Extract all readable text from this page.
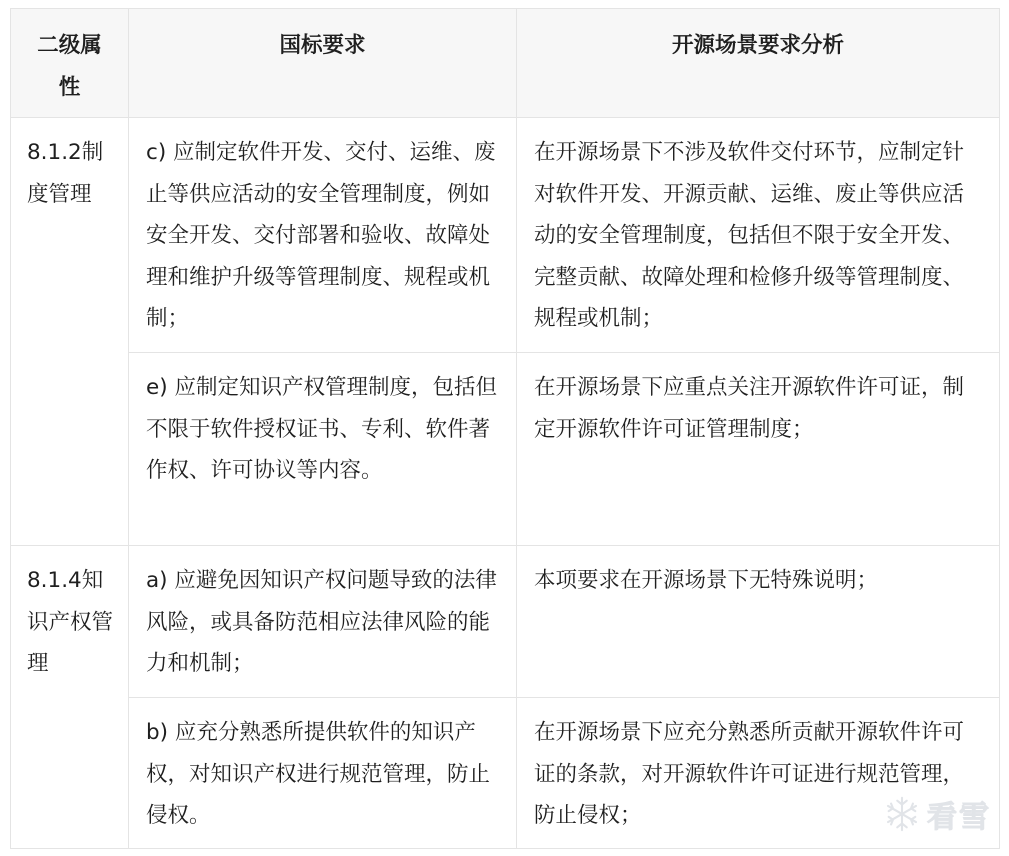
二级属性	国标要求	开源场景要求分析
8.1.2制度管理	c) 应制定软件开发、交付、运维、废止等供应活动的安全管理制度，例如安全开发、交付部署和验收、故障处理和维护升级等管理制度、规程或机制；	在开源场景下不涉及软件交付环节，应制定针对软件开发、开源贡献、运维、废止等供应活动的安全管理制度，包括但不限于安全开发、完整贡献、故障处理和检修升级等管理制度、规程或机制；
	e) 应制定知识产权管理制度，包括但不限于软件授权证书、专利、软件著作权、许可协议等内容。	在开源场景下应重点关注开源软件许可证，制定开源软件许可证管理制度；
8.1.4知识产权管理	a) 应避免因知识产权问题导致的法律风险，或具备防范相应法律风险的能力和机制；	本项要求在开源场景下无特殊说明；
	b) 应充分熟悉所提供软件的知识产权，对知识产权进行规范管理，防止侵权。	在开源场景下应充分熟悉所贡献开源软件许可证的条款，对开源软件许可证进行规范管理，防止侵权；	看雪
